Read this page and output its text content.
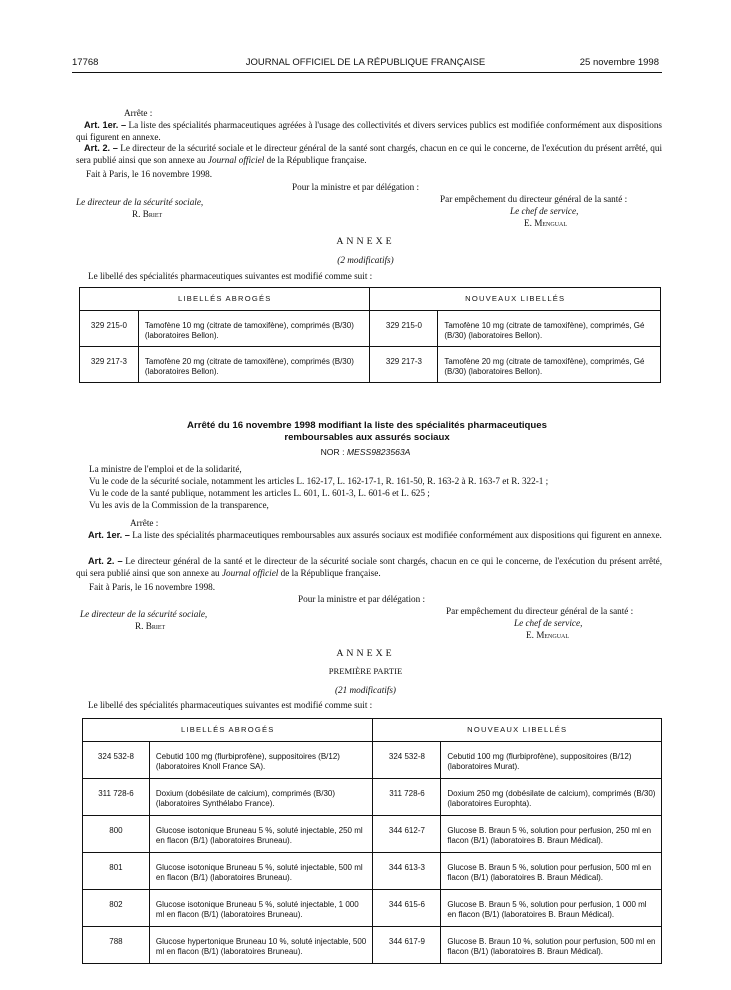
17768	JOURNAL OFFICIEL DE LA RÉPUBLIQUE FRANÇAISE	25 novembre 1998
Arrête :
Art. 1er. – La liste des spécialités pharmaceutiques agréées à l'usage des collectivités et divers services publics est modifiée conformément aux dispositions qui figurent en annexe.
Art. 2. – Le directeur de la sécurité sociale et le directeur général de la santé sont chargés, chacun en ce qui le concerne, de l'exécution du présent arrêté, qui sera publié ainsi que son annexe au Journal officiel de la République française.
Fait à Paris, le 16 novembre 1998.
Pour la ministre et par délégation :
Le directeur de la sécurité sociale,
R. Briet
Par empêchement du directeur général de la santé :
Le chef de service,
E. Mengual
ANNEXE
(2 modificatifs)
Le libellé des spécialités pharmaceutiques suivantes est modifié comme suit :
LIBELLÉS ABROGÉS		NOUVEAUX LIBELLÉS	
329 215-0	Tamofène 10 mg (citrate de tamoxifène), comprimés (B/30) (laboratoires Bellon).	329 215-0	Tamofène 10 mg (citrate de tamoxifène), comprimés, Gé (B/30) (laboratoires Bellon).
329 217-3	Tamofène 20 mg (citrate de tamoxifène), comprimés (B/30) (laboratoires Bellon).	329 217-3	Tamofène 20 mg (citrate de tamoxifène), comprimés, Gé (B/30) (laboratoires Bellon).
Arrêté du 16 novembre 1998 modifiant la liste des spécialités pharmaceutiques
remboursables aux assurés sociaux
NOR : MESS9823563A
La ministre de l'emploi et de la solidarité,
Vu le code de la sécurité sociale, notamment les articles L. 162-17, L. 162-17-1, R. 161-50, R. 163-2 à R. 163-7 et R. 322-1 ;
Vu le code de la santé publique, notamment les articles L. 601, L. 601-3, L. 601-6 et L. 625 ;
Vu les avis de la Commission de la transparence,
Arrête :
Art. 1er. – La liste des spécialités pharmaceutiques remboursables aux assurés sociaux est modifiée conformément aux dispositions qui figurent en annexe.
Art. 2. – Le directeur général de la santé et le directeur de la sécurité sociale sont chargés, chacun en ce qui le concerne, de l'exécution du présent arrêté, qui sera publié ainsi que son annexe au Journal officiel de la République française.
Fait à Paris, le 16 novembre 1998.
Pour la ministre et par délégation :
Le directeur de la sécurité sociale,
R. Briet
Par empêchement du directeur général de la santé :
Le chef de service,
E. Mengual
ANNEXE
PREMIÈRE PARTIE
(21 modificatifs)
Le libellé des spécialités pharmaceutiques suivantes est modifié comme suit :
LIBELLÉS ABROGÉS		NOUVEAUX LIBELLÉS	
324 532-8	Cebutid 100 mg (flurbiprofène), suppositoires (B/12) (laboratoires Knoll France SA).	324 532-8	Cebutid 100 mg (flurbiprofène), suppositoires (B/12) (laboratoires Murat).
311 728-6	Doxium (dobésilate de calcium), comprimés (B/30) (laboratoires Synthélabo France).	311 728-6	Doxium 250 mg (dobésilate de calcium), comprimés (B/30) (laboratoires Europhta).
800	Glucose isotonique Bruneau 5 %, soluté injectable, 250 ml en flacon (B/1) (laboratoires Bruneau).	344 612-7	Glucose B. Braun 5 %, solution pour perfusion, 250 ml en flacon (B/1) (laboratoires B. Braun Médical).
801	Glucose isotonique Bruneau 5 %, soluté injectable, 500 ml en flacon (B/1) (laboratoires Bruneau).	344 613-3	Glucose B. Braun 5 %, solution pour perfusion, 500 ml en flacon (B/1) (laboratoires B. Braun Médical).
802	Glucose isotonique Bruneau 5 %, soluté injectable, 1 000 ml en flacon (B/1) (laboratoires Bruneau).	344 615-6	Glucose B. Braun 5 %, solution pour perfusion, 1 000 ml en flacon (B/1) (laboratoires B. Braun Médical).
788	Glucose hypertonique Bruneau 10 %, soluté injectable, 500 ml en flacon (B/1) (laboratoires Bruneau).	344 617-9	Glucose B. Braun 10 %, solution pour perfusion, 500 ml en flacon (B/1) (laboratoires B. Braun Médical).
